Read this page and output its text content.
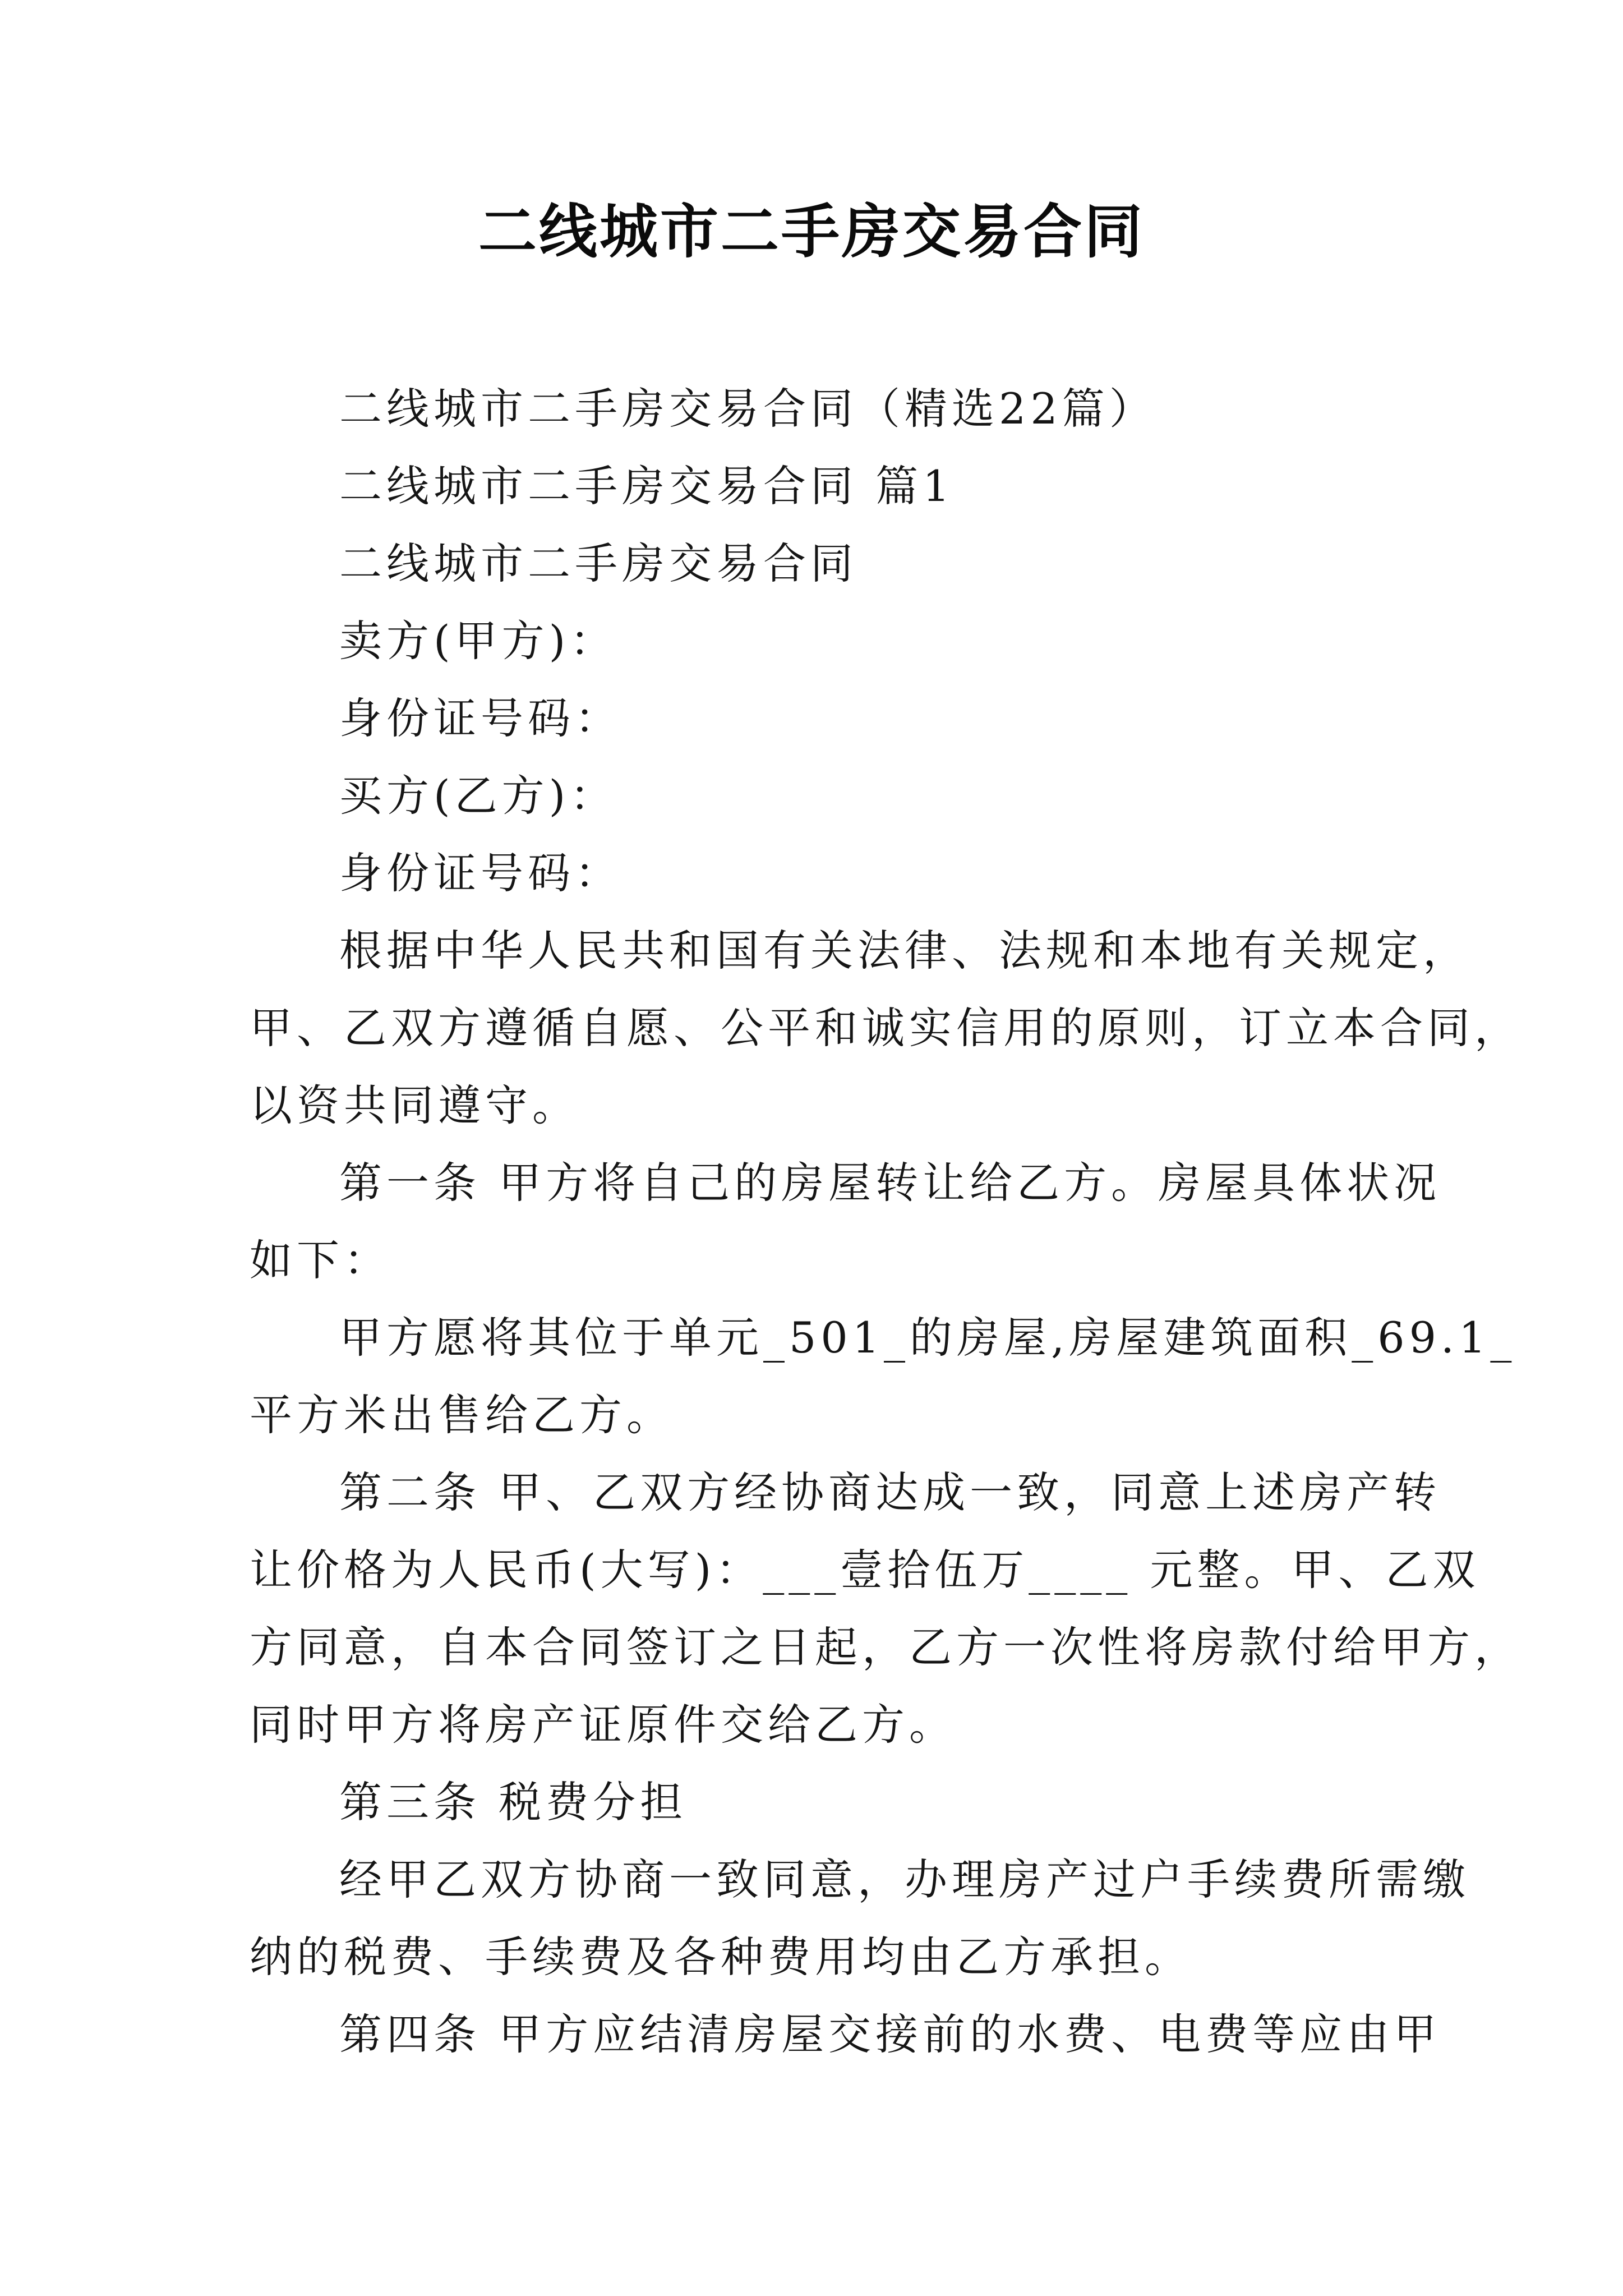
二线城市二手房交易合同

二线城市二手房交易合同（精选22篇）

二线城市二手房交易合同 篇1

二线城市二手房交易合同

卖方(甲方)：

身份证号码：

买方(乙方)：

身份证号码：

根据中华人民共和国有关法律、法规和本地有关规定，

甲、乙双方遵循自愿、公平和诚实信用的原则，订立本合同，

以资共同遵守。

第一条 甲方将自己的房屋转让给乙方。房屋具体状况

如下：

甲方愿将其位于单元_501_的房屋,房屋建筑面积_69.1_

平方米出售给乙方。

第二条 甲、乙双方经协商达成一致，同意上述房产转

让价格为人民币(大写)：___壹拾伍万____ 元整。甲、乙双

方同意，自本合同签订之日起，乙方一次性将房款付给甲方，

同时甲方将房产证原件交给乙方。

第三条 税费分担

经甲乙双方协商一致同意，办理房产过户手续费所需缴

纳的税费、手续费及各种费用均由乙方承担。

第四条 甲方应结清房屋交接前的水费、电费等应由甲
